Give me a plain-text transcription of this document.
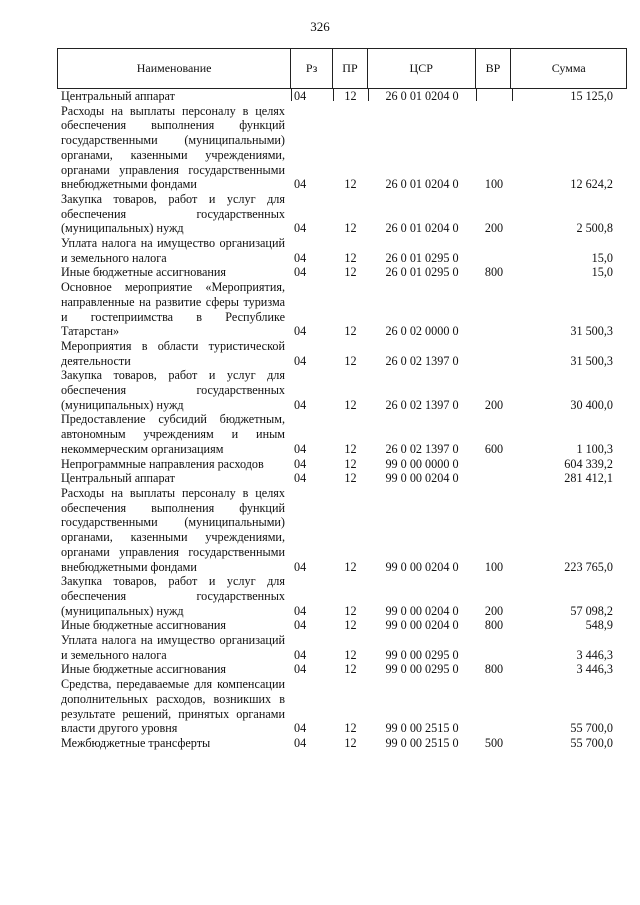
326
Наименование	Рз	ПР	ЦСР	ВР	Сумма
Центральный аппарат	04	12	26 0 01 0204 0		15 125,0
Расходы на выплаты персоналу в целях обеспечения выполнения функций государственными (муниципальными) органами, казенными учреждениями, органами управления государственными внебюджетными фондами	04	12	26 0 01 0204 0	100	12 624,2
Закупка товаров, работ и услуг для обеспечения государственных (муниципальных) нужд	04	12	26 0 01 0204 0	200	2 500,8
Уплата налога на имущество организаций и земельного налога	04	12	26 0 01 0295 0		15,0
Иные бюджетные ассигнования	04	12	26 0 01 0295 0	800	15,0
Основное мероприятие «Мероприятия, направленные на развитие сферы туризма и гостеприимства в Республике Татарстан»	04	12	26 0 02 0000 0		31 500,3
Мероприятия в области туристической деятельности	04	12	26 0 02 1397 0		31 500,3
Закупка товаров, работ и услуг для обеспечения государственных (муниципальных) нужд	04	12	26 0 02 1397 0	200	30 400,0
Предоставление субсидий бюджетным, автономным учреждениям и иным некоммерческим организациям	04	12	26 0 02 1397 0	600	1 100,3
Непрограммные направления расходов	04	12	99 0 00 0000 0		604 339,2
Центральный аппарат	04	12	99 0 00 0204 0		281 412,1
Расходы на выплаты персоналу в целях обеспечения выполнения функций государственными (муниципальными) органами, казенными учреждениями, органами управления государственными внебюджетными фондами	04	12	99 0 00 0204 0	100	223 765,0
Закупка товаров, работ и услуг для обеспечения государственных (муниципальных) нужд	04	12	99 0 00 0204 0	200	57 098,2
Иные бюджетные ассигнования	04	12	99 0 00 0204 0	800	548,9
Уплата налога на имущество организаций и земельного налога	04	12	99 0 00 0295 0		3 446,3
Иные бюджетные ассигнования	04	12	99 0 00 0295 0	800	3 446,3
Средства, передаваемые для компенсации дополнительных расходов, возникших в результате решений, принятых органами власти другого уровня	04	12	99 0 00 2515 0		55 700,0
Межбюджетные трансферты	04	12	99 0 00 2515 0	500	55 700,0
